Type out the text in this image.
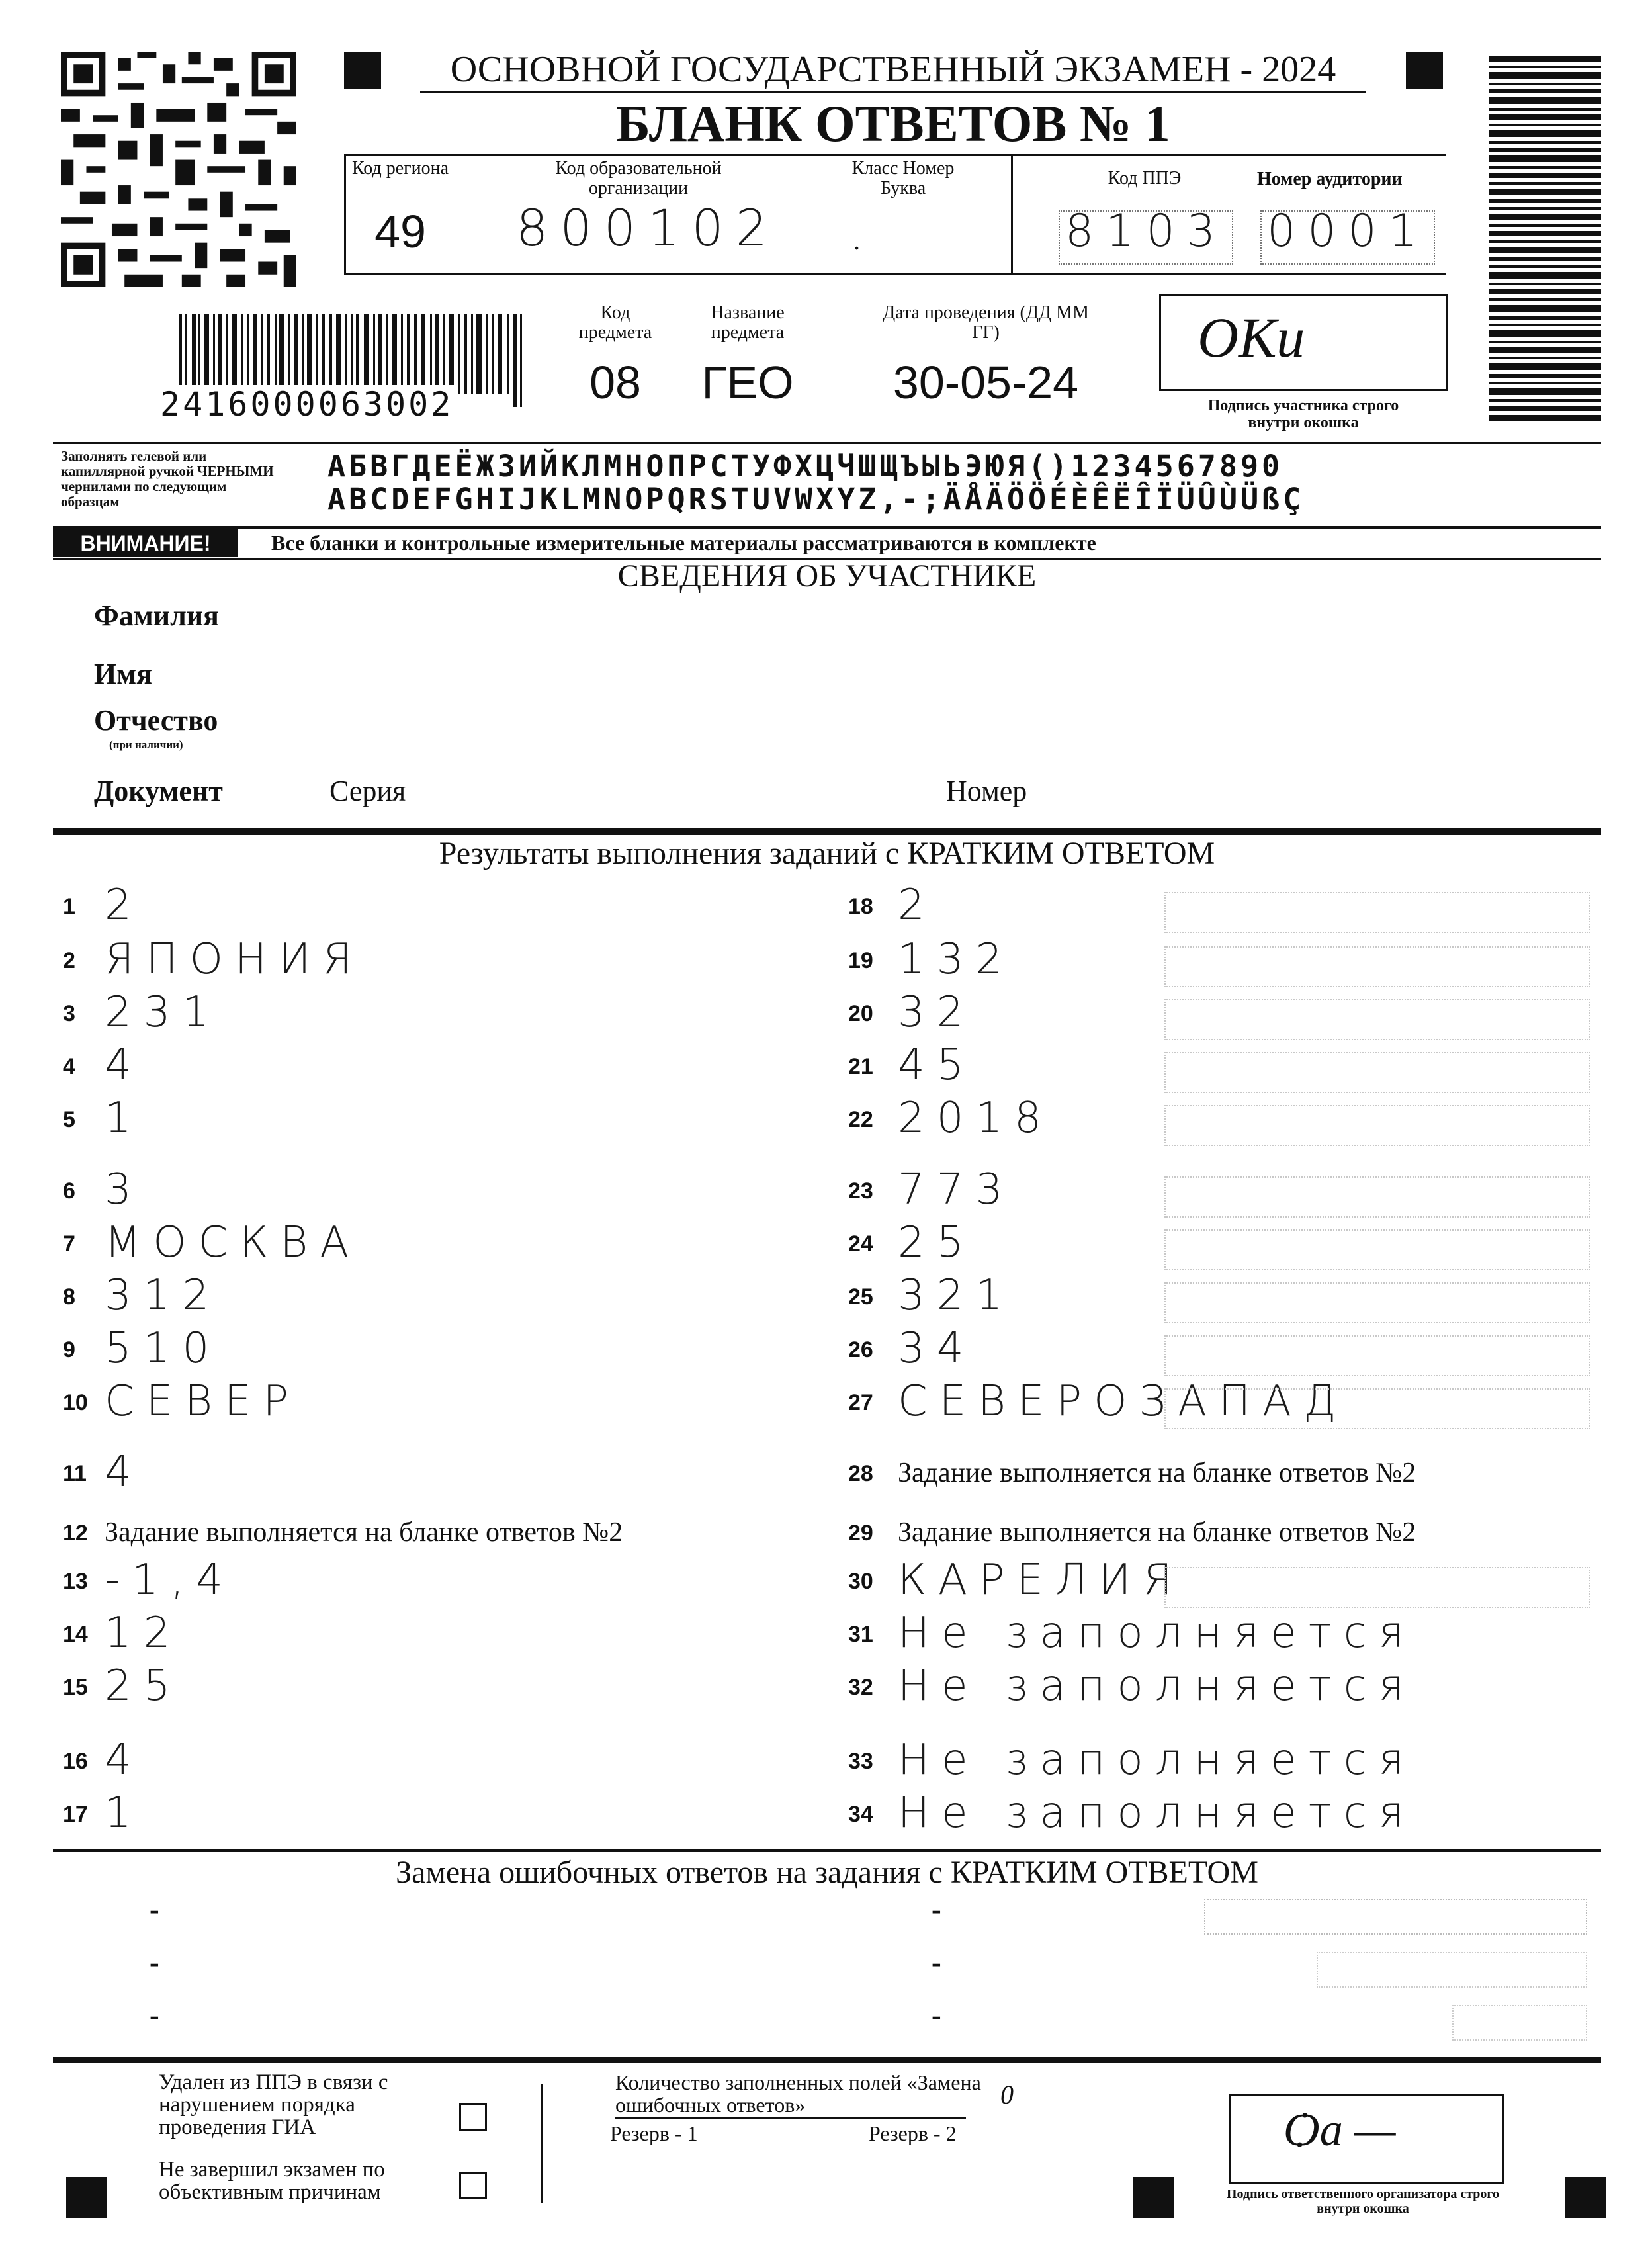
ОСНОВНОЙ ГОСУДАРСТВЕННЫЙ ЭКЗАМЕН - 2024
БЛАНК ОТВЕТОВ № 1
Код региона
49
Код образовательной организации
800102
Класс Номер Буква
.
Код ППЭ
8103
Номер аудитории
0001
2416000063002
Код предмета
08
Название предмета
ГЕО
Дата проведения (ДД ММ ГГ)
30-05-24
ОКи
Подпись участника строго внутри окошка
Заполнять гелевой или капиллярной ручкой ЧЕРНЫМИ чернилами по следующим образцам
АБВГДЕЁЖЗИЙКЛМНОПРСТУФХЦЧШЩЪЫЬЭЮЯ()1234567890
ABCDEFGHIJKLMNOPQRSTUVWXYZ,-;ÄÅÄÖÖÉÈÊËÎÏÜÛÙÜßÇ
ВНИМАНИЕ!	Все бланки и контрольные измерительные материалы рассматриваются в комплекте
СВЕДЕНИЯ ОБ УЧАСТНИКЕ
Фамилия
Имя
Отчество
(при наличии)
Документ	Серия	Номер
Результаты выполнения заданий с КРАТКИМ ОТВЕТОМ
1 2
2 ЯПОНИЯ
3 231
4 4
5 1
6 3
7 МОСКВА
8 312
9 510
10 СЕВЕР
11 4
12 Задание выполняется на бланке ответов №2
13 -1,4
14 12
15 25
16 4
17 1
18 2
19 132
20 32
21 45
22 2018
23 773
24 25
25 321
26 34
27 СЕВЕРОЗАПАД
28 Задание выполняется на бланке ответов №2
29 Задание выполняется на бланке ответов №2
30 КАРЕЛИЯ
31 Не заполняется
32 Не заполняется
33 Не заполняется
34 Не заполняется
Замена ошибочных ответов на задания с КРАТКИМ ОТВЕТОМ
-
-
-
-
-
-
Удален из ППЭ в связи с нарушением порядка проведения ГИА
Не завершил экзамен по объективным причинам
Количество заполненных полей «Замена ошибочных ответов»	0
Резерв - 1	Резерв - 2	Ѻа —
Подпись ответственного организатора строго внутри окошка
